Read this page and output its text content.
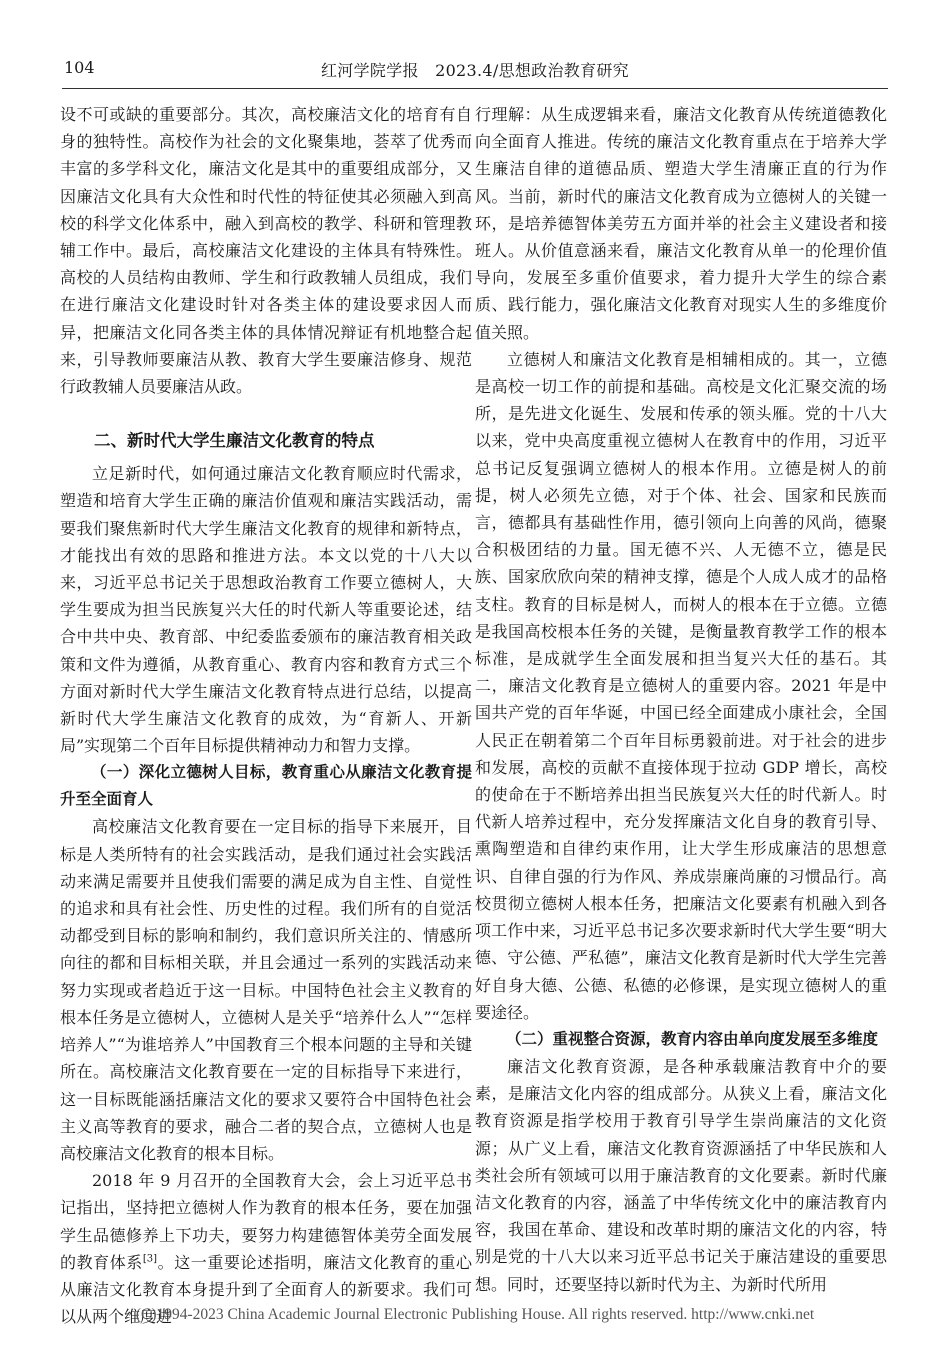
104	红河学院学报　2023.4/思想政治教育研究

设不可或缺的重要部分。其次，高校廉洁文化的培育有自身的独特性。高校作为社会的文化聚集地，荟萃了优秀而丰富的多学科文化，廉洁文化是其中的重要组成部分，又因廉洁文化具有大众性和时代性的特征使其必须融入到高校的科学文化体系中，融入到高校的教学、科研和管理教辅工作中。最后，高校廉洁文化建设的主体具有特殊性。高校的人员结构由教师、学生和行政教辅人员组成，我们在进行廉洁文化建设时针对各类主体的建设要求因人而异，把廉洁文化同各类主体的具体情况辩证有机地整合起来，引导教师要廉洁从教、教育大学生要廉洁修身、规范行政教辅人员要廉洁从政。

二、新时代大学生廉洁文化教育的特点

立足新时代，如何通过廉洁文化教育顺应时代需求，塑造和培育大学生正确的廉洁价值观和廉洁实践活动，需要我们聚焦新时代大学生廉洁文化教育的规律和新特点，才能找出有效的思路和推进方法。本文以党的十八大以来，习近平总书记关于思想政治教育工作要立德树人，大学生要成为担当民族复兴大任的时代新人等重要论述，结合中共中央、教育部、中纪委监委颁布的廉洁教育相关政策和文件为遵循，从教育重心、教育内容和教育方式三个方面对新时代大学生廉洁文化教育特点进行总结，以提高新时代大学生廉洁文化教育的成效，为“育新人、开新局”实现第二个百年目标提供精神动力和智力支撑。

（一）深化立德树人目标，教育重心从廉洁文化教育提升至全面育人

高校廉洁文化教育要在一定目标的指导下来展开，目标是人类所特有的社会实践活动，是我们通过社会实践活动来满足需要并且使我们需要的满足成为自主性、自觉性的追求和具有社会性、历史性的过程。我们所有的自觉活动都受到目标的影响和制约，我们意识所关注的、情感所向往的都和目标相关联，并且会通过一系列的实践活动来努力实现或者趋近于这一目标。中国特色社会主义教育的根本任务是立德树人，立德树人是关乎“培养什么人”“怎样培养人”“为谁培养人”中国教育三个根本问题的主导和关键所在。高校廉洁文化教育要在一定的目标指导下来进行，这一目标既能涵括廉洁文化的要求又要符合中国特色社会主义高等教育的要求，融合二者的契合点，立德树人也是高校廉洁文化教育的根本目标。

2018 年 9 月召开的全国教育大会，会上习近平总书记指出，坚持把立德树人作为教育的根本任务，要在加强学生品德修养上下功夫，要努力构建德智体美劳全面发展的教育体系[3]。这一重要论述指明，廉洁文化教育的重心从廉洁文化教育本身提升到了全面育人的新要求。我们可以从两个维度进

行理解：从生成逻辑来看，廉洁文化教育从传统道德教化向全面育人推进。传统的廉洁文化教育重点在于培养大学生廉洁自律的道德品质、塑造大学生清廉正直的行为作风。当前，新时代的廉洁文化教育成为立德树人的关键一环，是培养德智体美劳五方面并举的社会主义建设者和接班人。从价值意涵来看，廉洁文化教育从单一的伦理价值导向，发展至多重价值要求，着力提升大学生的综合素质、践行能力，强化廉洁文化教育对现实人生的多维度价值关照。

立德树人和廉洁文化教育是相辅相成的。其一，立德是高校一切工作的前提和基础。高校是文化汇聚交流的场所，是先进文化诞生、发展和传承的领头雁。党的十八大以来，党中央高度重视立德树人在教育中的作用，习近平总书记反复强调立德树人的根本作用。立德是树人的前提，树人必须先立德，对于个体、社会、国家和民族而言，德都具有基础性作用，德引领向上向善的风尚，德聚合积极团结的力量。国无德不兴、人无德不立，德是民族、国家欣欣向荣的精神支撑，德是个人成人成才的品格支柱。教育的目标是树人，而树人的根本在于立德。立德是我国高校根本任务的关键，是衡量教育教学工作的根本标准，是成就学生全面发展和担当复兴大任的基石。其二，廉洁文化教育是立德树人的重要内容。2021 年是中国共产党的百年华诞，中国已经全面建成小康社会，全国人民正在朝着第二个百年目标勇毅前进。对于社会的进步和发展，高校的贡献不直接体现于拉动 GDP 增长，高校的使命在于不断培养出担当民族复兴大任的时代新人。时代新人培养过程中，充分发挥廉洁文化自身的教育引导、熏陶塑造和自律约束作用，让大学生形成廉洁的思想意识、自律自强的行为作风、养成崇廉尚廉的习惯品行。高校贯彻立德树人根本任务，把廉洁文化要素有机融入到各项工作中来，习近平总书记多次要求新时代大学生要“明大德、守公德、严私德”，廉洁文化教育是新时代大学生完善好自身大德、公德、私德的必修课，是实现立德树人的重要途径。

（二）重视整合资源，教育内容由单向度发展至多维度

廉洁文化教育资源，是各种承载廉洁教育中介的要素，是廉洁文化内容的组成部分。从狭义上看，廉洁文化教育资源是指学校用于教育引导学生崇尚廉洁的文化资源；从广义上看，廉洁文化教育资源涵括了中华民族和人类社会所有领域可以用于廉洁教育的文化要素。新时代廉洁文化教育的内容，涵盖了中华传统文化中的廉洁教育内容，我国在革命、建设和改革时期的廉洁文化的内容，特别是党的十八大以来习近平总书记关于廉洁建设的重要思想。同时，还要坚持以新时代为主、为新时代所用

(C)1994-2023 China Academic Journal Electronic Publishing House. All rights reserved. http://www.cnki.net
